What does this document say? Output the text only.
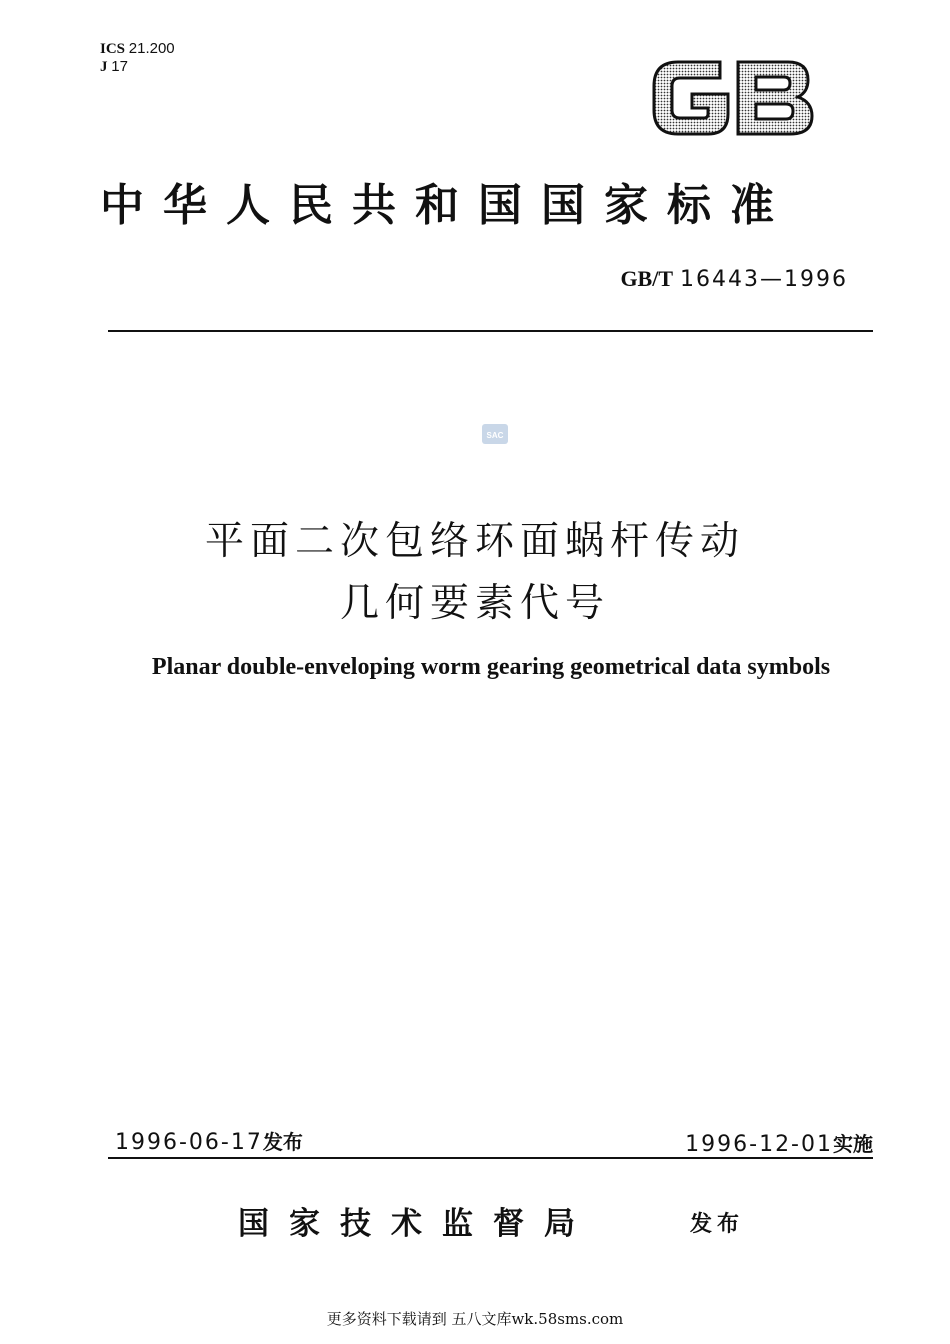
ICS 21.200
J 17
中华人民共和国国家标准
GB/T 16443—1996
SAC
平面二次包络环面蜗杆传动
几何要素代号
Planar double-enveloping worm gearing geometrical data symbols
1996-06-17发布	1996-12-01实施
国家技术监督局	发布
更多资料下载请到 五八文库wk.58sms.com
